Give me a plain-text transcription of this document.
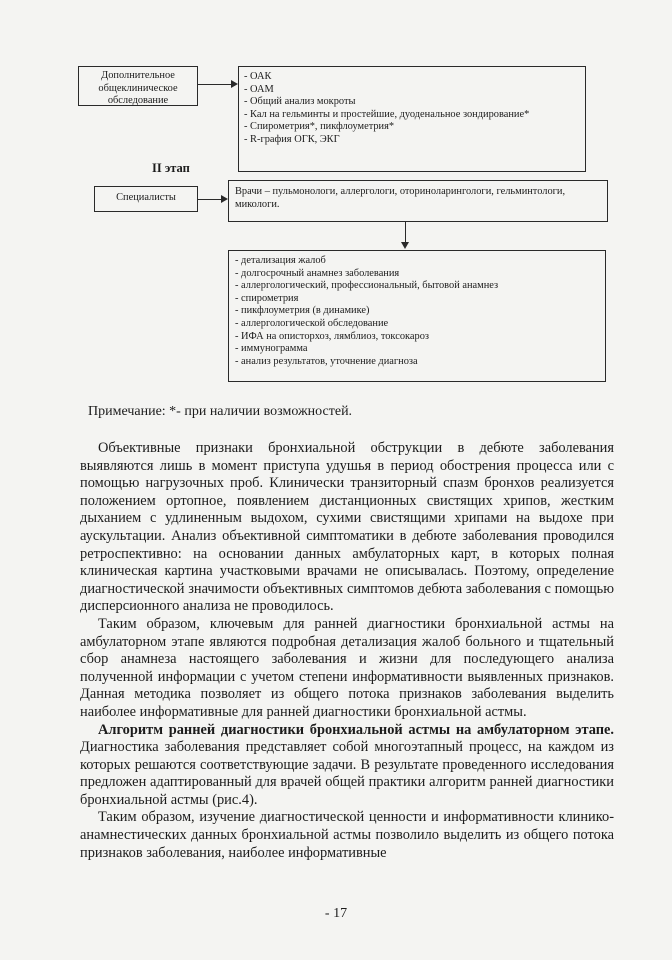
Дополнительное общеклиническое обследование
- ОАК
- ОАМ
- Общий анализ мокроты
- Кал на гельминты и простейшие, дуоденальное зондирование*
- Спирометрия*, пикфлоуметрия*
- R-графия ОГК, ЭКГ
II этап
Специалисты
Врачи – пульмонологи, аллергологи, оториноларингологи, гельминтологи, микологи.
- детализация жалоб
- долгосрочный анамнез заболевания
- аллергологический, профессиональный, бытовой анамнез
- спирометрия
- пикфлоуметрия (в динамике)
- аллергологической обследование
- ИФА на описторхоз, лямблиоз, токсокароз
- иммунограмма
- анализ результатов, уточнение диагноза
Примечание: *- при наличии возможностей.

Объективные признаки бронхиальной обструкции в дебюте заболевания выявляются лишь в момент приступа удушья в период обострения процесса или с помощью нагрузочных проб. Клинически транзиторный спазм бронхов реализуется положением ортопное, появлением дистанционных свистящих хрипов, жестким дыханием с удлиненным выдохом, сухими свистящими хрипами на выдохе при аускультации. Анализ объективной симптоматики в дебюте заболевания проводился ретроспективно: на основании данных амбулаторных карт, в которых полная клиническая картина участковыми врачами не описывалась. Поэтому, определение диагностической значимости объективных симптомов дебюта заболевания с помощью дисперсионного анализа не проводилось.

Таким образом, ключевым для ранней диагностики бронхиальной астмы на амбулаторном этапе являются подробная детализация жалоб больного и тщательный сбор анамнеза настоящего заболевания и жизни для последующего анализа полученной информации с учетом степени информативности выявленных признаков. Данная методика позволяет из общего потока признаков заболевания выделить наиболее информативные для ранней диагностики бронхиальной астмы.

Алгоритм ранней диагностики бронхиальной астмы на амбулаторном этапе. Диагностика заболевания представляет собой многоэтапный процесс, на каждом из которых решаются соответствующие задачи. В результате проведенного исследования предложен адаптированный для врачей общей практики алгоритм ранней диагностики бронхиальной астмы (рис.4).

Таким образом, изучение диагностической ценности и информативности клинико-анамнестических данных бронхиальной астмы позволило выделить из общего потока признаков заболевания, наиболее информативные

- 17
